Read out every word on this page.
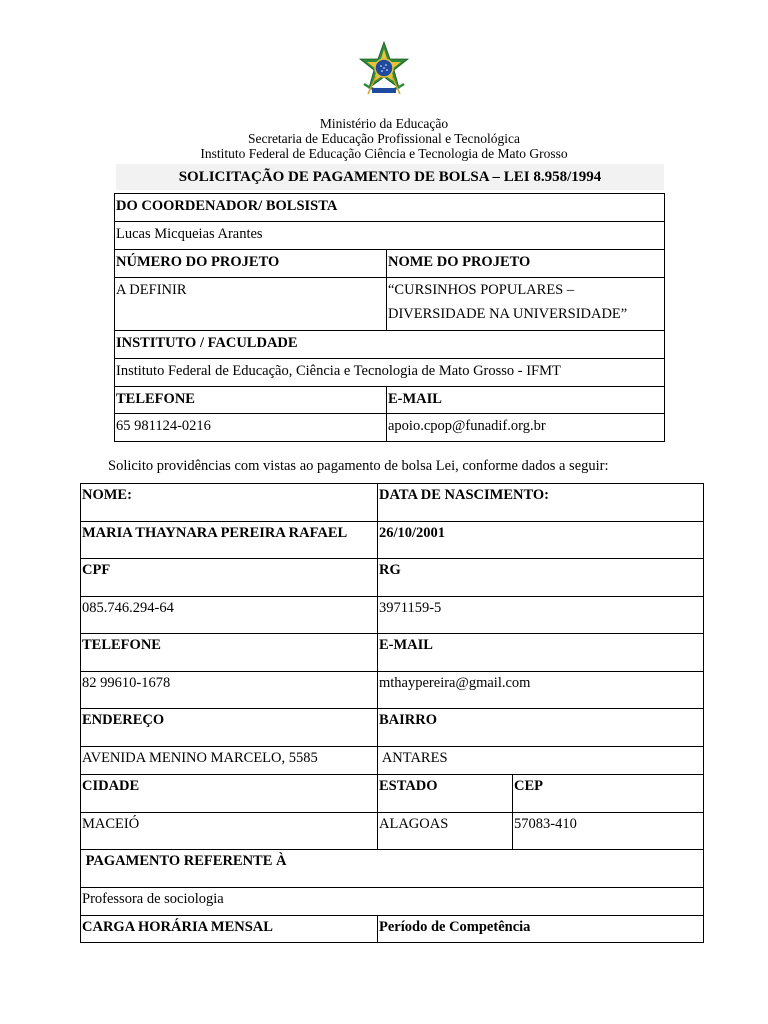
Ministério da Educação
Secretaria de Educação Profissional e Tecnológica
Instituto Federal de Educação Ciência e Tecnologia de Mato Grosso
SOLICITAÇÃO DE PAGAMENTO DE BOLSA – LEI 8.958/1994
DO COORDENADOR/ BOLSISTA	
Lucas Micqueias Arantes	
NÚMERO DO PROJETO	NOME DO PROJETO
A DEFINIR	“CURSINHOS POPULARES –
DIVERSIDADE NA UNIVERSIDADE”

INSTITUTO / FACULDADE	
Instituto Federal de Educação, Ciência e Tecnologia de Mato Grosso - IFMT	
TELEFONE	E-MAIL
65 981124-0216	apoio.cpop@funadif.org.br
Solicito providências com vistas ao pagamento de bolsa Lei, conforme dados a seguir:
NOME:	DATA DE NASCIMENTO:	
MARIA THAYNARA PEREIRA RAFAEL	26/10/2001	
CPF	RG	
085.746.294-64	3971159-5	
TELEFONE	E-MAIL	
82 99610-1678	mthaypereira@gmail.com	
ENDEREÇO	BAIRRO	
AVENIDA MENINO MARCELO, 5585	ANTARES	
CIDADE	ESTADO	CEP
MACEIÓ	ALAGOAS	57083-410
PAGAMENTO REFERENTE À		
Professora de sociologia		
CARGA HORÁRIA MENSAL	Período de Competência	
